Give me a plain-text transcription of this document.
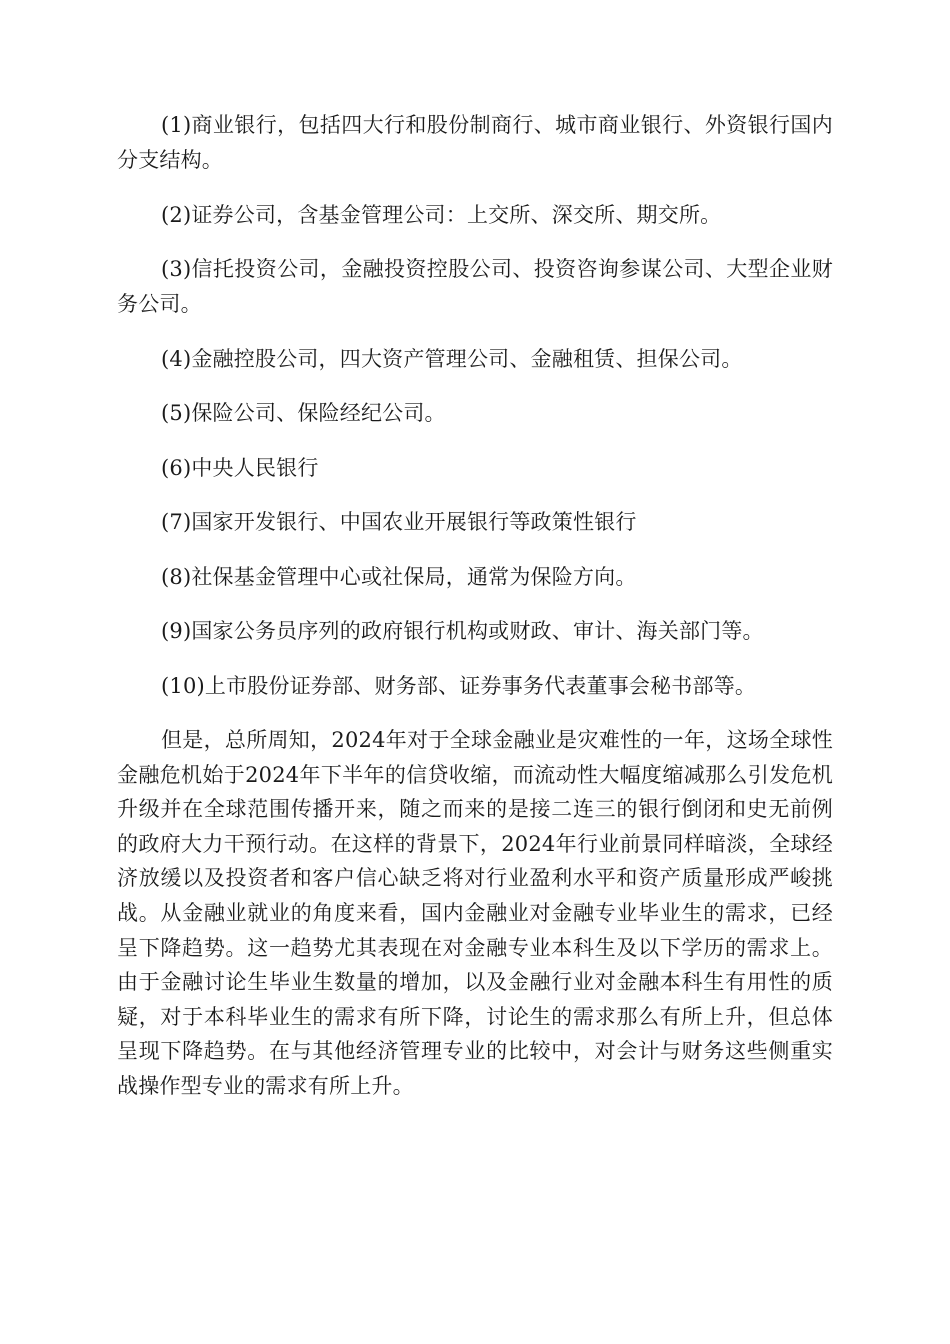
(1)商业银行，包括四大行和股份制商行、城市商业银行、外资银行国内分支结构。

(2)证券公司，含基金管理公司：上交所、深交所、期交所。

(3)信托投资公司，金融投资控股公司、投资咨询参谋公司、大型企业财务公司。

(4)金融控股公司，四大资产管理公司、金融租赁、担保公司。

(5)保险公司、保险经纪公司。

(6)中央人民银行

(7)国家开发银行、中国农业开展银行等政策性银行

(8)社保基金管理中心或社保局，通常为保险方向。

(9)国家公务员序列的政府银行机构或财政、审计、海关部门等。

(10)上市股份证券部、财务部、证券事务代表董事会秘书部等。

但是，总所周知，2024年对于全球金融业是灾难性的一年，这场全球性金融危机始于2024年下半年的信贷收缩，而流动性大幅度缩减那么引发危机升级并在全球范围传播开来，随之而来的是接二连三的银行倒闭和史无前例的政府大力干预行动。在这样的背景下，2024年行业前景同样暗淡，全球经济放缓以及投资者和客户信心缺乏将对行业盈利水平和资产质量形成严峻挑战。从金融业就业的角度来看，国内金融业对金融专业毕业生的需求，已经呈下降趋势。这一趋势尤其表现在对金融专业本科生及以下学历的需求上。由于金融讨论生毕业生数量的增加，以及金融行业对金融本科生有用性的质疑，对于本科毕业生的需求有所下降，讨论生的需求那么有所上升，但总体呈现下降趋势。在与其他经济管理专业的比较中，对会计与财务这些侧重实战操作型专业的需求有所上升。
